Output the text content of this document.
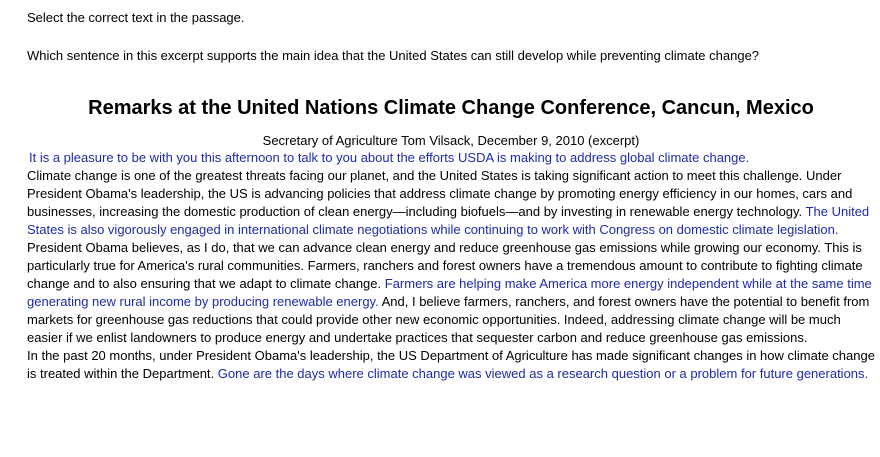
Select the correct text in the passage.

Which sentence in this excerpt supports the main idea that the United States can still develop while preventing climate change?

Remarks at the United Nations Climate Change Conference, Cancun, Mexico
Secretary of Agriculture Tom Vilsack, December 9, 2010 (excerpt)

It is a pleasure to be with you this afternoon to talk to you about the efforts USDA is making to address global climate change.

Climate change is one of the greatest threats facing our planet, and the United States is taking significant action to meet this challenge. Under President Obama's leadership, the US is advancing policies that address climate change by promoting energy efficiency in our homes, cars and businesses, increasing the domestic production of clean energy—including biofuels—and by investing in renewable energy technology. The United States is also vigorously engaged in international climate negotiations while continuing to work with Congress on domestic climate legislation.

President Obama believes, as I do, that we can advance clean energy and reduce greenhouse gas emissions while growing our economy. This is particularly true for America's rural communities. Farmers, ranchers and forest owners have a tremendous amount to contribute to fighting climate change and to also ensuring that we adapt to climate change. Farmers are helping make America more energy independent while at the same time generating new rural income by producing renewable energy. And, I believe farmers, ranchers, and forest owners have the potential to benefit from markets for greenhouse gas reductions that could provide other new economic opportunities. Indeed, addressing climate change will be much easier if we enlist landowners to produce energy and undertake practices that sequester carbon and reduce greenhouse gas emissions.

In the past 20 months, under President Obama's leadership, the US Department of Agriculture has made significant changes in how climate change is treated within the Department. Gone are the days where climate change was viewed as a research question or a problem for future generations.
